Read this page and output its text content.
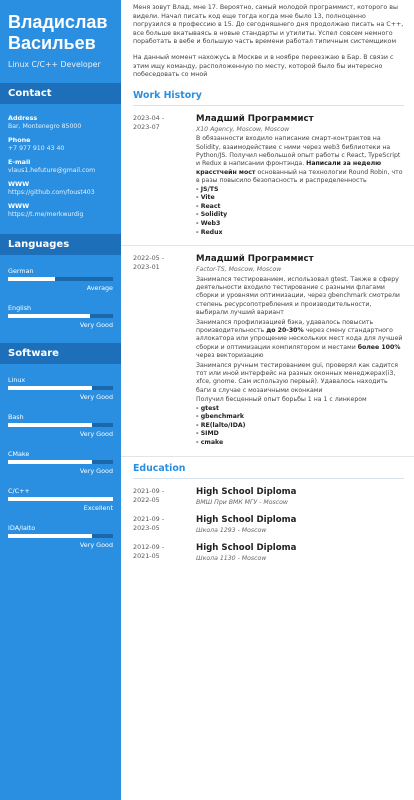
Владислав
Васильев
Linux C/C++ Developer
Contact
Address
Bar, Montenegro 85000
Phone
+7 977 910 43 40
E-mail
vlaus1.hefuture@gmail.com
WWW
https://github.com/foust403
WWW
https://t.me/merkwurdig
Languages
German
Average
English
Very Good
Software
Linux
Very Good
Bash
Very Good
CMake
Very Good
C/C++
Excellent
IDA/lalto
Very Good

Меня зовут Влад, мне 17. Вероятно, самый молодой программист, которого вы видели. Начал писать код еще тогда когда мне было 13, полноценно погрузился в профессию в 15. До сегодняшнего дня продолжаю писать на C++, все больше вкатываясь в новые стандарты и утилиты. Успел совсем немного поработать в вебе и большую часть времени работал типичным системщиком

На данный момент нахожусь в Москве и в ноябре переезжаю в Бар. В связи с этим ищу команду, расположенную по месту, которой было бы интересно побеседовать со мной

Work History
2023-04 -
2023-07
Младший Программист
X10 Agency, Moscow, Moscow
В обязанности входило написание смарт-контрактов на Solidity, взаимодействие с ними через web3 библиотеки на Python/JS. Получил небольшой опыт работы с React, TypeScript и Redux в написании фронтэнда. Написали за неделю красстчейн мост основанный на технологии Round Robin, что в разы повысило безопасность и распределенность
- JS/TS
- Vite
- React
- Solidity
- Web3
- Redux
2022-05 -
2023-01
Младший Программист
Factor-TS, Moscow, Moscow
Занимался тестированием, использовал gtest. Также в сферу деятельности входило тестирование с разными флагами сборки и уровнями оптимизации, через gbenchmark смотрели степень ресурсопотребления и производительности, выбирали лучший вариант
Занимался профилизацией бэка, удавалось повысить производительность до 20-30% через смену стандартного аллокатора или упрощение нескольких мест кода для лучшей сборки и оптимизации компилятором и местами более 100% через векторизацию
Занимался ручным тестированием gui, проверял как садится тот или иной интерфейс на разных оконных менеджерах(i3, xfce, gnome. Сам использую первый). Удавалось находить баги в случае с мозаичными оконками
Получил бесценный опыт борьбы 1 на 1 с линкером
- gtest
- gbenchmark
- RE(lalto/IDA)
- SIMD
- cmake
Education
2021-09 -
2022-05
High School Diploma
ВМШ При ВМК МГУ - Moscow
2021-09 -
2023-05
High School Diploma
Школа 1293 - Moscow
2012-09 -
2021-05
High School Diploma
Школа 1130 - Moscow
